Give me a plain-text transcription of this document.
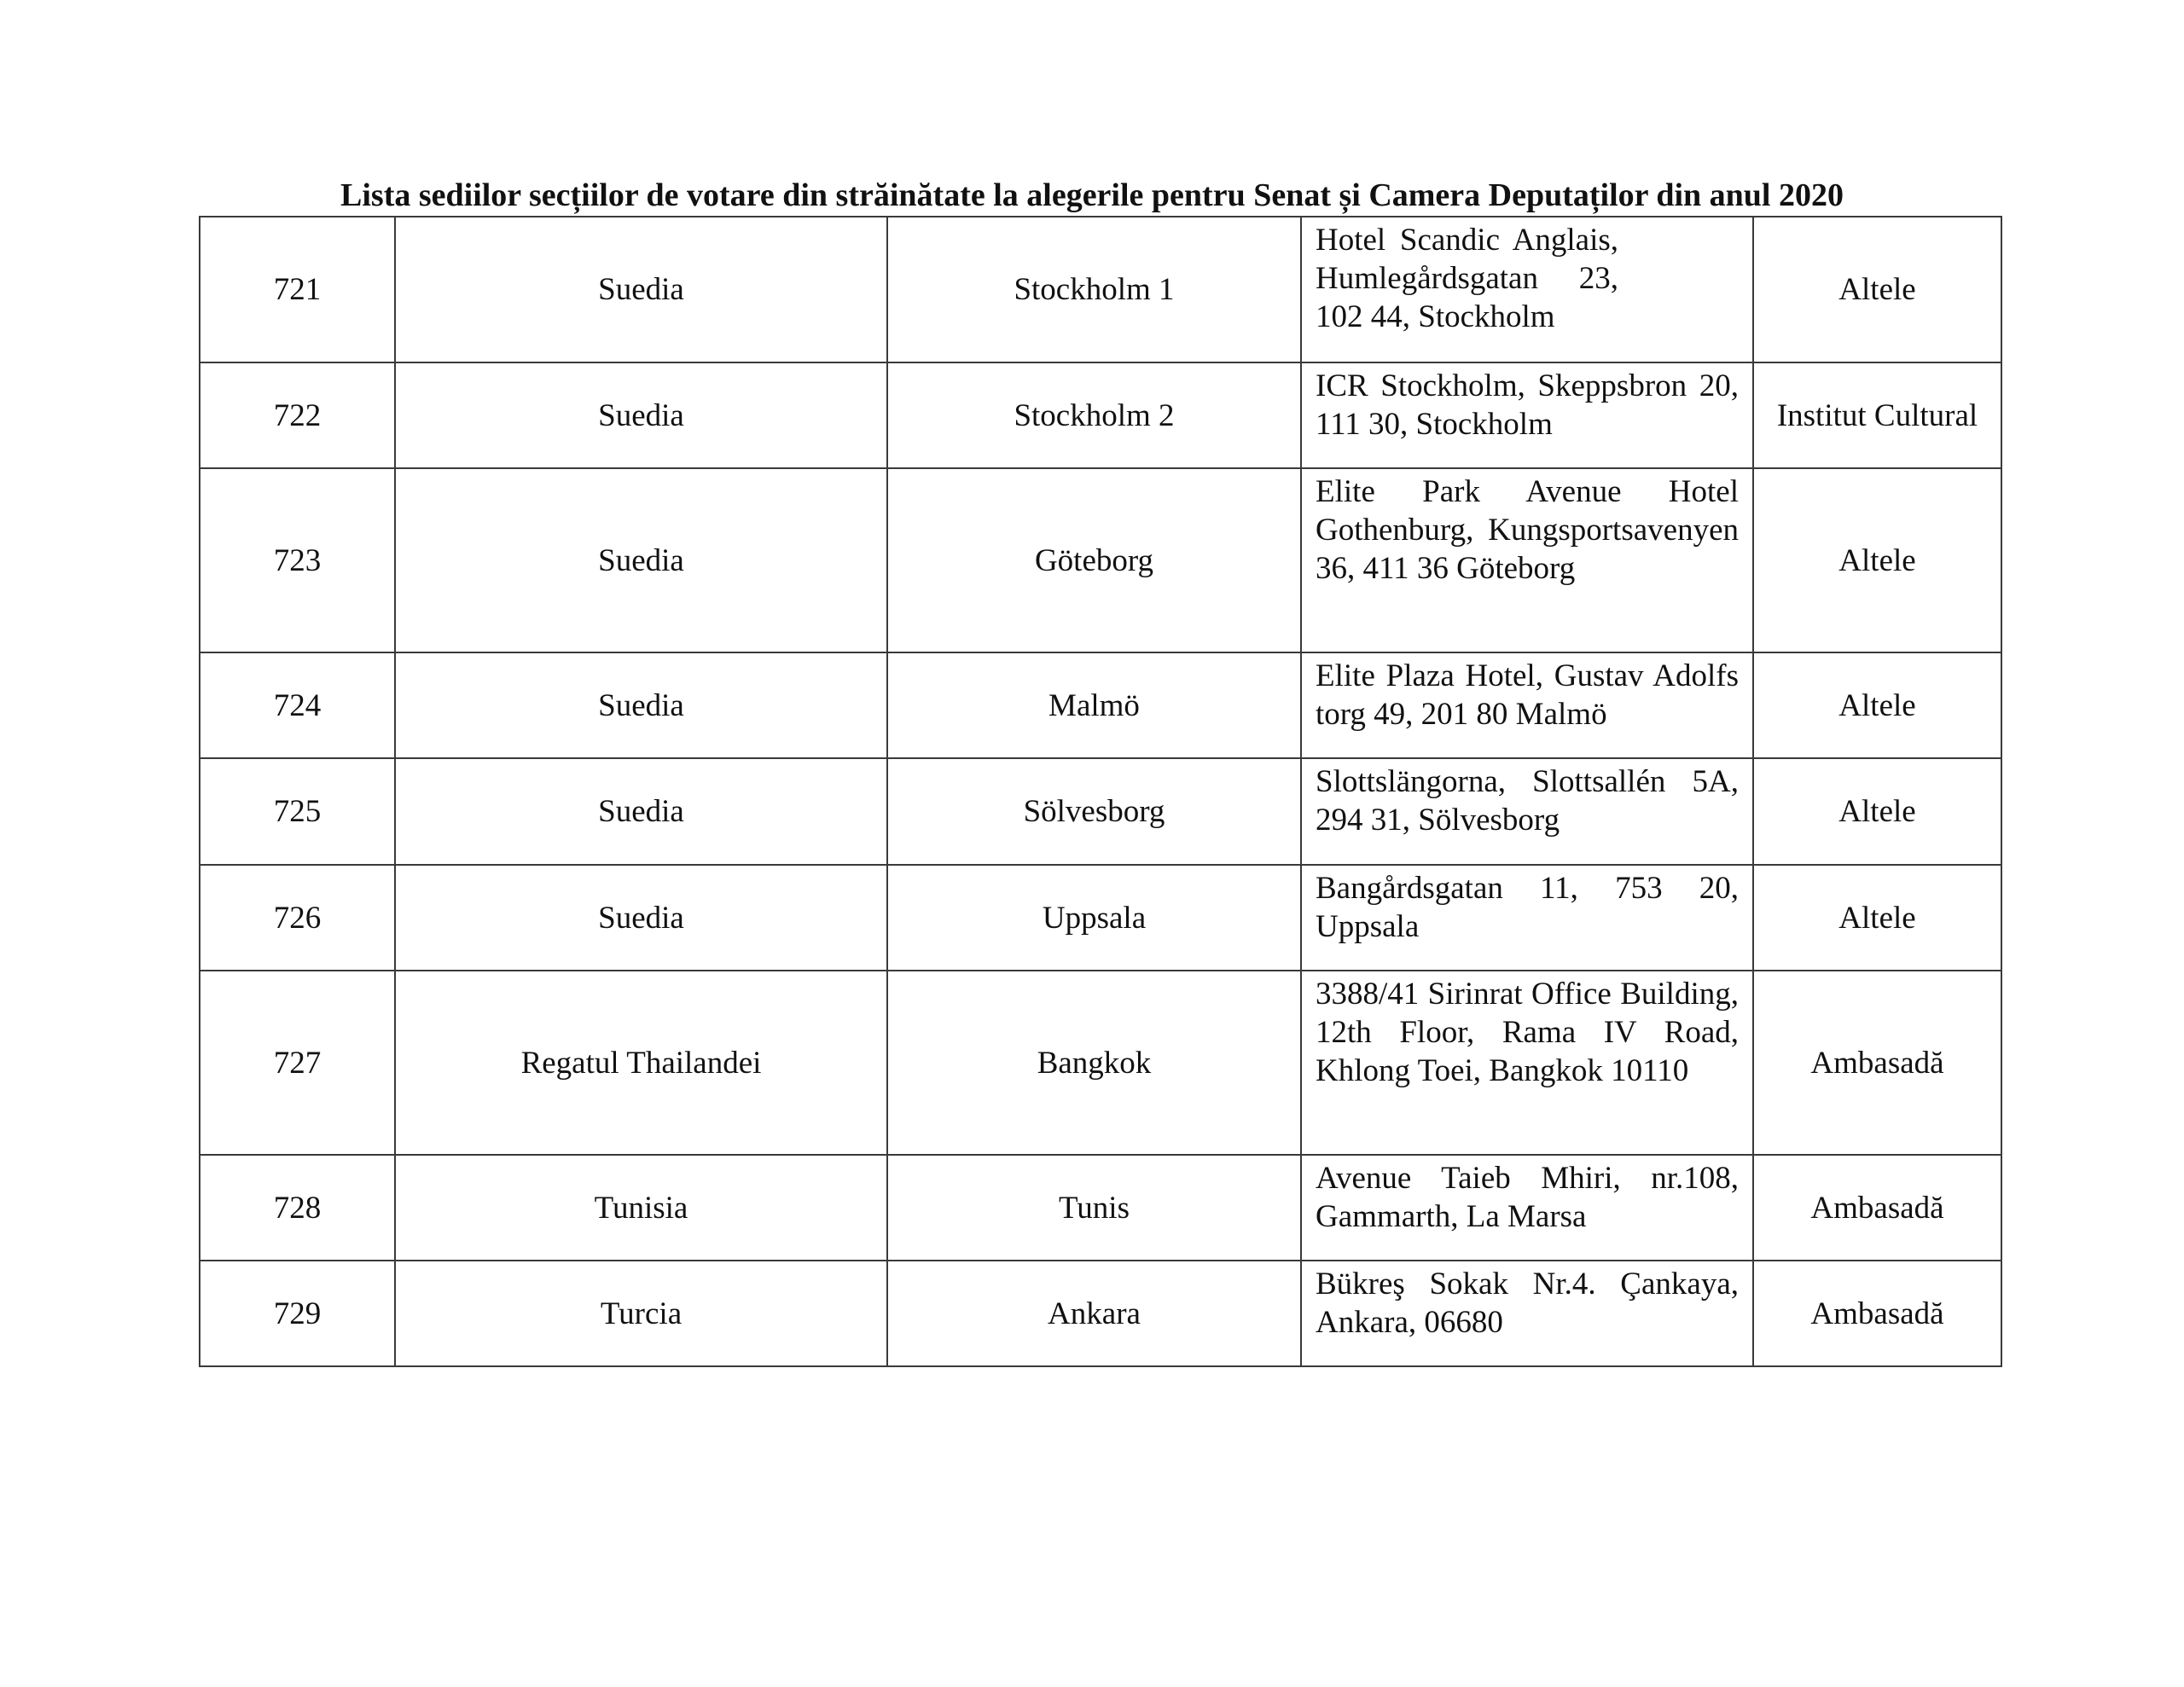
Lista sediilor secțiilor de votare din străinătate la alegerile pentru Senat și Camera Deputaților din anul 2020
721	Suedia	Stockholm 1	Hotel Scandic Anglais, Humlegårdsgatan 23, 102 44, Stockholm	Altele
722	Suedia	Stockholm 2	ICR Stockholm, Skeppsbron 20, 111 30, Stockholm	Institut Cultural
723	Suedia	Göteborg	Elite Park Avenue Hotel Gothenburg, Kungsportsavenyen 36, 411 36 Göteborg	Altele
724	Suedia	Malmö	Elite Plaza Hotel, Gustav Adolfs torg 49, 201 80 Malmö	Altele
725	Suedia	Sölvesborg	Slottslängorna, Slottsallén 5A, 294 31, Sölvesborg	Altele
726	Suedia	Uppsala	Bangårdsgatan 11, 753 20, Uppsala	Altele
727	Regatul Thailandei	Bangkok	3388/41 Sirinrat Office Building, 12th Floor, Rama IV Road, Khlong Toei, Bangkok 10110	Ambasadă
728	Tunisia	Tunis	Avenue Taieb Mhiri, nr.108, Gammarth, La Marsa	Ambasadă
729	Turcia	Ankara	Bükreş Sokak Nr.4. Çankaya, Ankara, 06680	Ambasadă
